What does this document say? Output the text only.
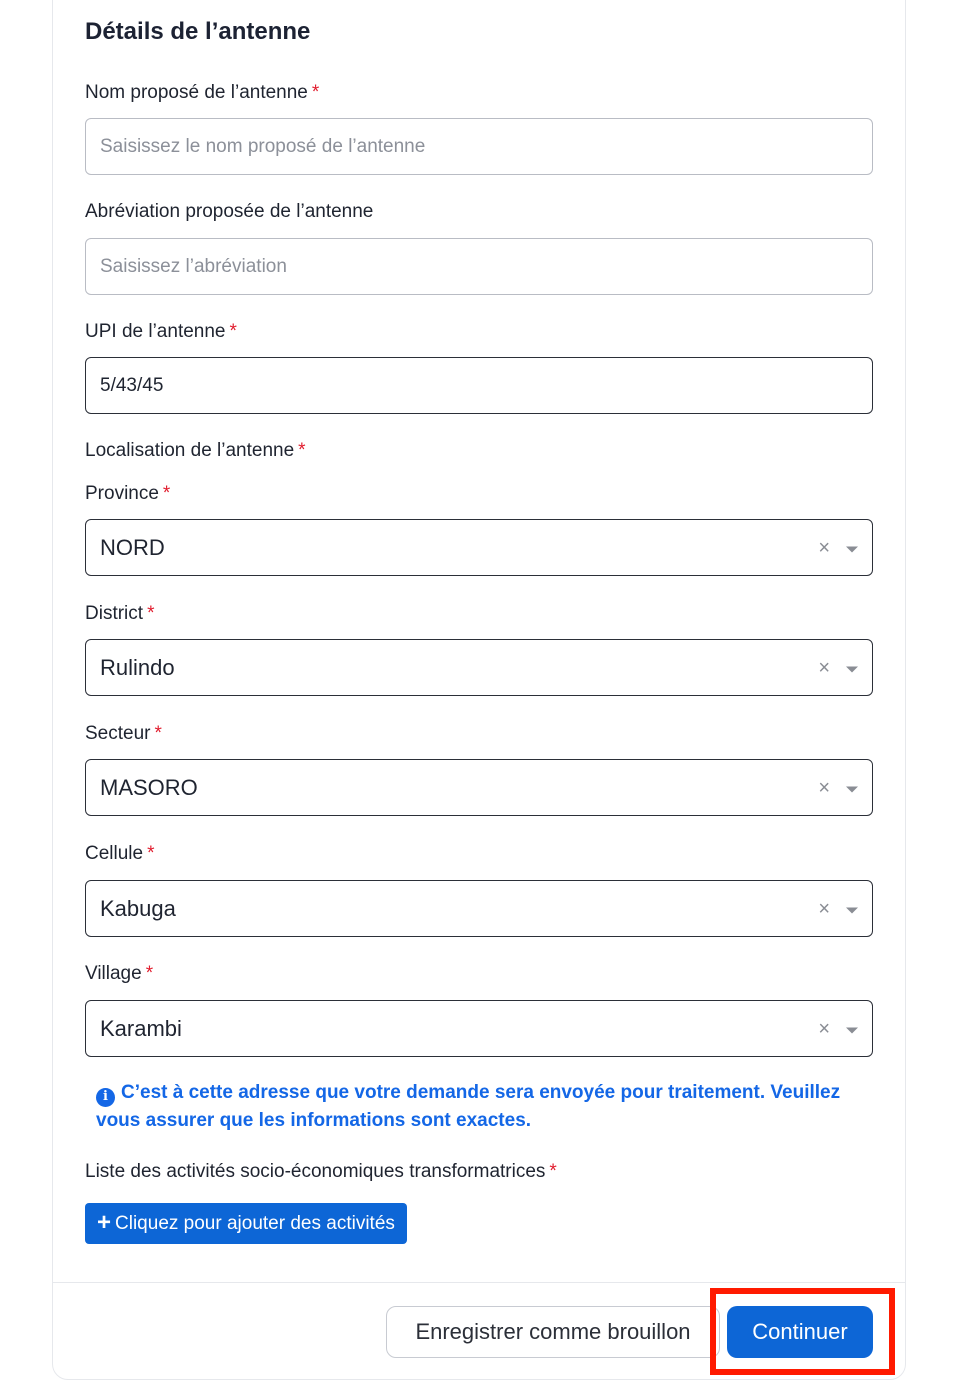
Détails de l’antenne
Nom proposé de l’antenne *
Saisissez le nom proposé de l’antenne
Abréviation proposée de l’antenne
Saisissez l’abréviation
UPI de l’antenne *
5/43/45
Localisation de l’antenne *
Province *
NORD	×
District *
Rulindo	×
Secteur *
MASORO	×
Cellule *
Kabuga	×
Village *
Karambi	×
i C’est à cette adresse que votre demande sera envoyée pour traitement. Veuillez vous assurer que les informations sont exactes.
Liste des activités socio-économiques transformatrices *
+ Cliquez pour ajouter des activités
Enregistrer comme brouillon	Continuer
